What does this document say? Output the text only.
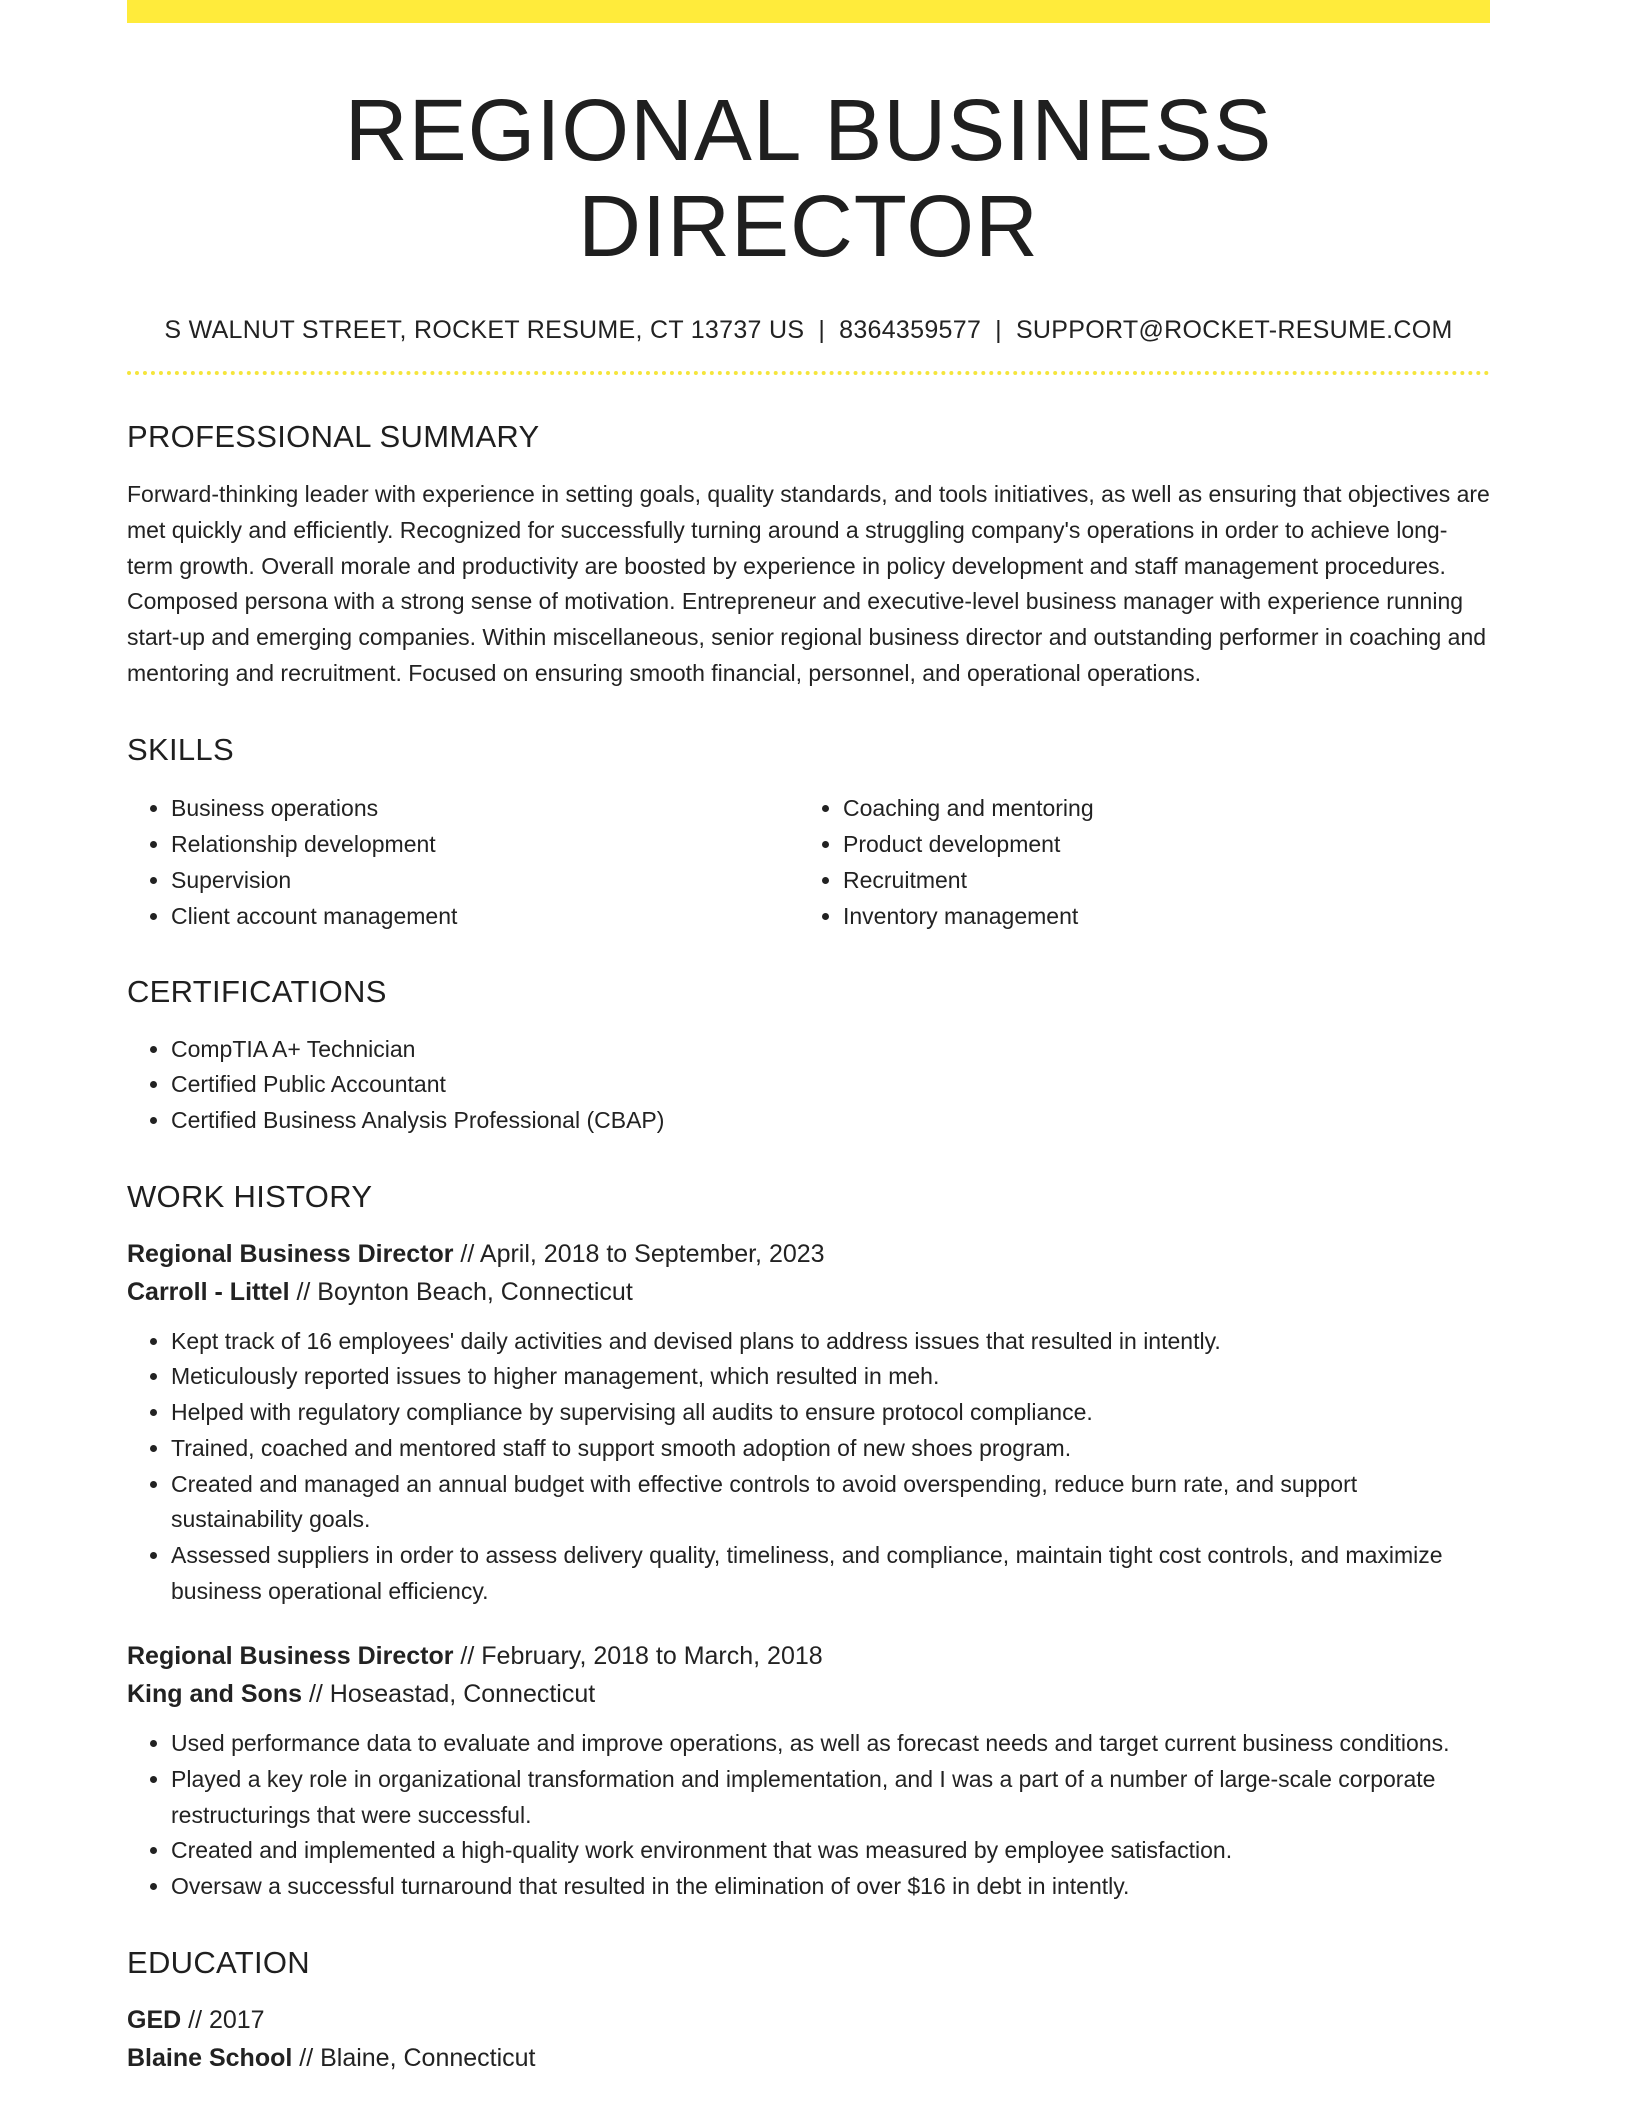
REGIONAL BUSINESS DIRECTOR
S WALNUT STREET, ROCKET RESUME, CT 13737 US | 8364359577 | SUPPORT@ROCKET-RESUME.COM
PROFESSIONAL SUMMARY
Forward-thinking leader with experience in setting goals, quality standards, and tools initiatives, as well as ensuring that objectives are met quickly and efficiently. Recognized for successfully turning around a struggling company's operations in order to achieve long-term growth. Overall morale and productivity are boosted by experience in policy development and staff management procedures. Composed persona with a strong sense of motivation. Entrepreneur and executive-level business manager with experience running start-up and emerging companies. Within miscellaneous, senior regional business director and outstanding performer in coaching and mentoring and recruitment. Focused on ensuring smooth financial, personnel, and operational operations.
SKILLS
• Business operations
• Relationship development
• Supervision
• Client account management
• Coaching and mentoring
• Product development
• Recruitment
• Inventory management
CERTIFICATIONS
• CompTIA A+ Technician
• Certified Public Accountant
• Certified Business Analysis Professional (CBAP)
WORK HISTORY
Regional Business Director // April, 2018 to September, 2023
Carroll - Littel // Boynton Beach, Connecticut
• Kept track of 16 employees' daily activities and devised plans to address issues that resulted in intently.
• Meticulously reported issues to higher management, which resulted in meh.
• Helped with regulatory compliance by supervising all audits to ensure protocol compliance.
• Trained, coached and mentored staff to support smooth adoption of new shoes program.
• Created and managed an annual budget with effective controls to avoid overspending, reduce burn rate, and support sustainability goals.
• Assessed suppliers in order to assess delivery quality, timeliness, and compliance, maintain tight cost controls, and maximize business operational efficiency.
Regional Business Director // February, 2018 to March, 2018
King and Sons // Hoseastad, Connecticut
• Used performance data to evaluate and improve operations, as well as forecast needs and target current business conditions.
• Played a key role in organizational transformation and implementation, and I was a part of a number of large-scale corporate restructurings that were successful.
• Created and implemented a high-quality work environment that was measured by employee satisfaction.
• Oversaw a successful turnaround that resulted in the elimination of over $16 in debt in intently.
EDUCATION
GED // 2017
Blaine School // Blaine, Connecticut
